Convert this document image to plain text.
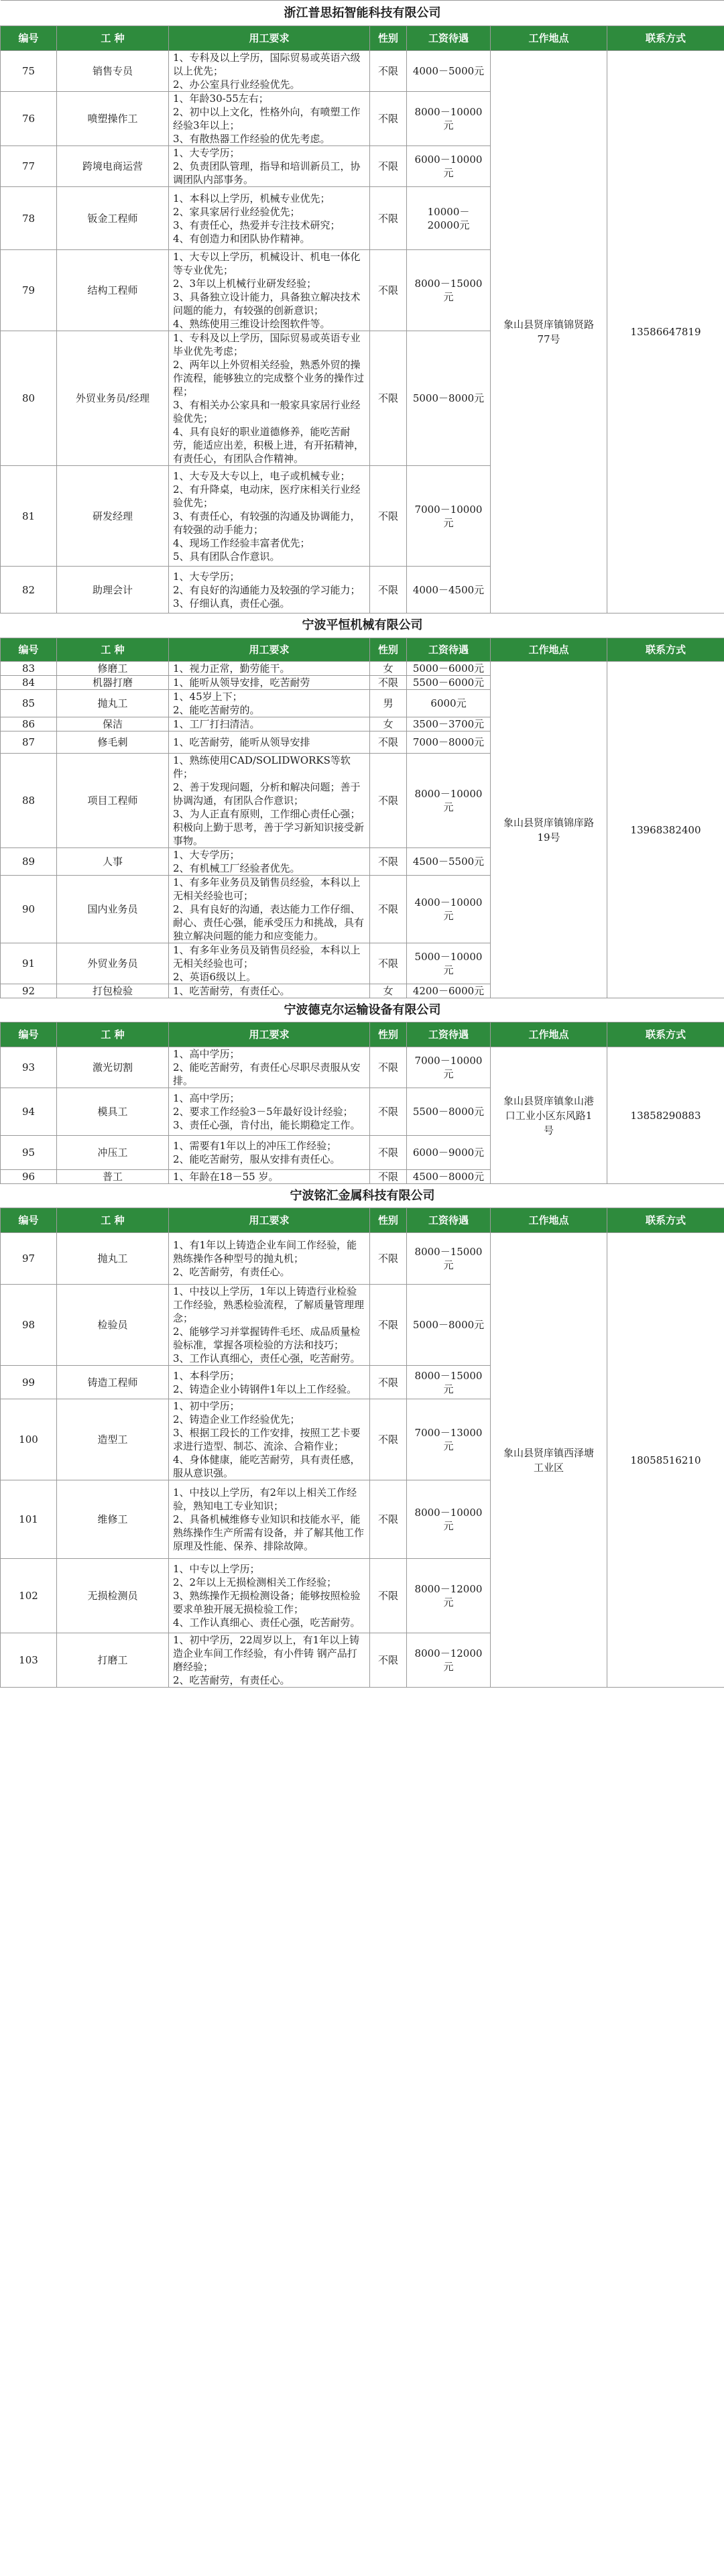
浙江普思拓智能科技有限公司						
编号	工 种	用工要求	性别	工资待遇	工作地点	联系方式
75	销售专员	1、专科及以上学历，国际贸易或英语六级以上优先；
2、办公室具行业经验优先。	不限	4000－5000元	象山县贤庠镇锦贤路77号	13586647819
76	喷塑操作工	1、年龄30-55左右；
2、初中以上文化，性格外向，有喷塑工作经验3年以上；
3、有散热器工作经验的优先考虑。	不限	8000－10000元		
77	跨境电商运营	1、大专学历；
2、负责团队管理，指导和培训新员工，协调团队内部事务。	不限	6000－10000元		
78	钣金工程师	1、本科以上学历，机械专业优先；
2、家具家居行业经验优先；
3、有责任心，热爱并专注技术研究；
4、有创造力和团队协作精神。	不限	10000－20000元		
79	结构工程师	1、大专以上学历，机械设计、机电一体化等专业优先；
2、3年以上机械行业研发经验；
3、具备独立设计能力，具备独立解决技术问题的能力，有较强的创新意识；
4、熟练使用三维设计绘图软件等。	不限	8000－15000元		
80	外贸业务员/经理	1、专科及以上学历，国际贸易或英语专业毕业优先考虑；
2、两年以上外贸相关经验，熟悉外贸的操作流程，能够独立的完成整个业务的操作过程；
3、有相关办公家具和一般家具家居行业经验优先；
4、具有良好的职业道德修养，能吃苦耐劳，能适应出差，积极上进，有开拓精神，有责任心，有团队合作精神。	不限	5000－8000元		
81	研发经理	1、大专及大专以上，电子或机械专业；
2、有升降桌，电动床，医疗床相关行业经验优先；
3、有责任心，有较强的沟通及协调能力，有较强的动手能力；
4、现场工作经验丰富者优先；
5、具有团队合作意识。	不限	7000－10000元		
82	助理会计	1、大专学历；
2、有良好的沟通能力及较强的学习能力；
3、仔细认真，责任心强。	不限	4000－4500元		
宁波平恒机械有限公司						
编号	工 种	用工要求	性别	工资待遇	工作地点	联系方式
83	修磨工	1、视力正常，勤劳能干。	女	5000－6000元	象山县贤庠镇锦庠路19号	13968382400
84	机器打磨	1、能听从领导安排，吃苦耐劳	不限	5500－6000元		
85	抛丸工	1、45岁上下；
2、能吃苦耐劳的。	男	6000元		
86	保洁	1、工厂打扫清洁。	女	3500－3700元		
87	修毛刺	1、吃苦耐劳，能听从领导安排	不限	7000－8000元		
88	项目工程师	1、熟练使用CAD/SOLIDWORKS等软件；
2、善于发现问题，分析和解决问题；善于协调沟通，有团队合作意识；
3、为人正直有原则，工作细心责任心强；积极向上勤于思考，善于学习新知识接受新事物。	不限	8000－10000元		
89	人事	1、大专学历；
2、有机械工厂经验者优先。	不限	4500－5500元		
90	国内业务员	1、有多年业务员及销售员经验，本科以上无相关经验也可；
2、具有良好的沟通，表达能力工作仔细、耐心、责任心强，能承受压力和挑战，具有独立解决问题的能力和应变能力。	不限	4000－10000元		
91	外贸业务员	1、有多年业务员及销售员经验，本科以上无相关经验也可；
2、英语6级以上。	不限	5000－10000元		
92	打包检验	1、吃苦耐劳，有责任心。	女	4200－6000元		
宁波德克尔运输设备有限公司						
编号	工 种	用工要求	性别	工资待遇	工作地点	联系方式
93	激光切割	1、高中学历；
2、能吃苦耐劳，有责任心尽职尽责服从安排。	不限	7000－10000元	象山县贤庠镇象山港口工业小区东风路1号	13858290883
94	模具工	1、高中学历；
2、要求工作经验3－5年最好设计经验；
3、责任心强，肯付出，能长期稳定工作。	不限	5500－8000元		
95	冲压工	1、需要有1年以上的冲压工作经验；
2、能吃苦耐劳，服从安排有责任心。	不限	6000－9000元		
96	普工	1、年龄在18－55 岁。	不限	4500－8000元		
宁波铭汇金属科技有限公司						
编号	工 种	用工要求	性别	工资待遇	工作地点	联系方式
97	抛丸工	1、有1年以上铸造企业车间工作经验，能熟练操作各种型号的抛丸机；
2、吃苦耐劳，有责任心。	不限	8000－15000元	象山县贤庠镇西泽塘工业区	18058516210
98	检验员	1、中技以上学历，1年以上铸造行业检验工作经验，熟悉检验流程，了解质量管理理念；
2、能够学习并掌握铸件毛坯、成品质量检验标准，掌握各项检验的方法和技巧；
3、工作认真细心，责任心强，吃苦耐劳。	不限	5000－8000元		
99	铸造工程师	1、本科学历；
2、铸造企业小铸钢件1年以上工作经验。	不限	8000－15000元		
100	造型工	1、初中学历；
2、铸造企业工作经验优先；
3、根据工段长的工作安排，按照工艺卡要求进行造型、制芯、流涂、合箱作业；
4、身体健康，能吃苦耐劳，具有责任感，服从意识强。	不限	7000－13000元		
101	维修工	1、中技以上学历，有2年以上相关工作经验，熟知电工专业知识；
2、具备机械维修专业知识和技能水平，能熟练操作生产所需有设备，并了解其他工作原理及性能、保养、排除故障。	不限	8000－10000元		
102	无损检测员	1、中专以上学历；
2、2年以上无损检测相关工作经验；
3、熟练操作无损检测设备；能够按照检验要求单独开展无损检验工作；
4、工作认真细心、责任心强，吃苦耐劳。	不限	8000－12000元		
103	打磨工	1、初中学历，22周岁以上，有1年以上铸造企业车间工作经验，有小件铸 钢产品打磨经验；
2、吃苦耐劳，有责任心。	不限	8000－12000元		
